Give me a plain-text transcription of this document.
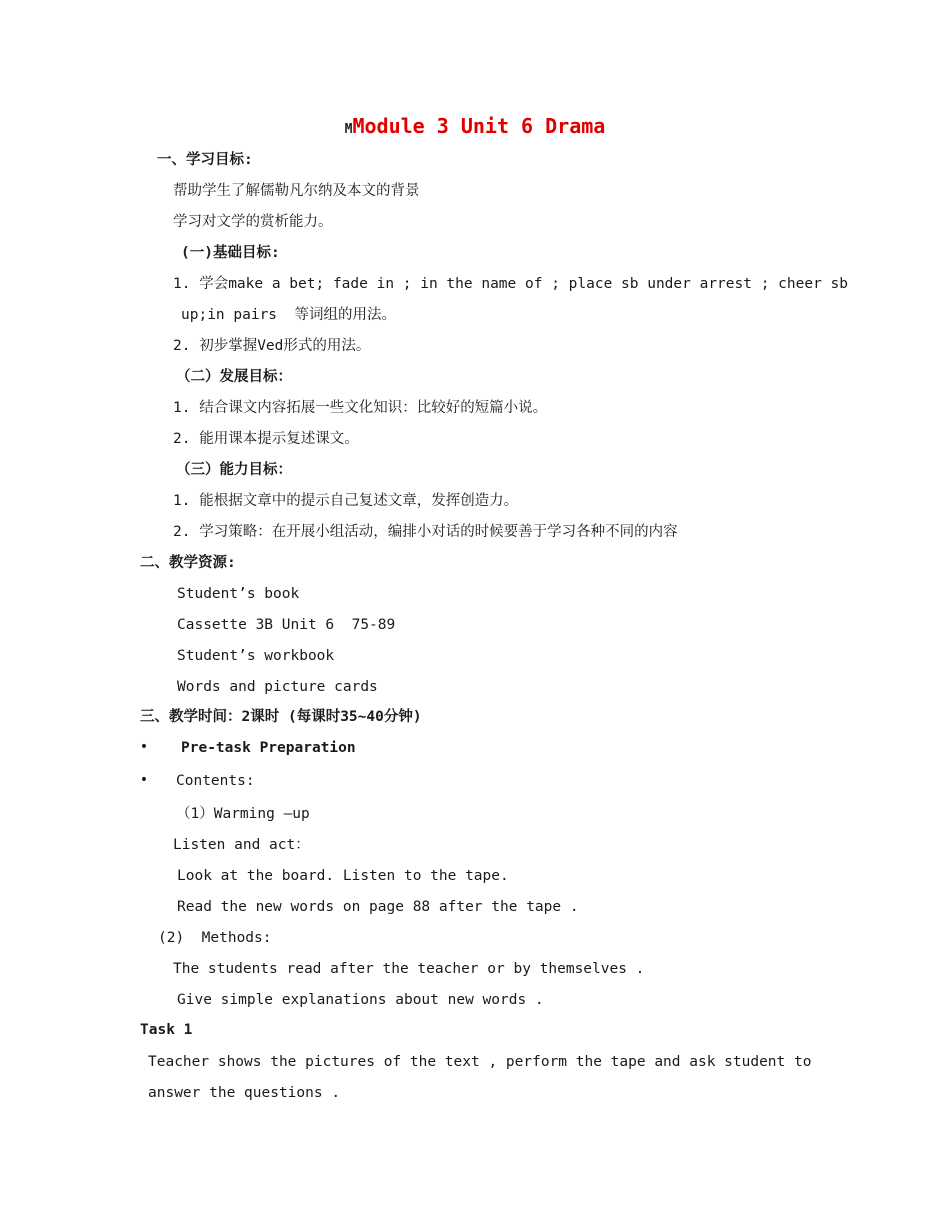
MModule 3 Unit 6 Drama
一、学习目标:
帮助学生了解儒勒凡尔纳及本文的背景
学习对文学的赏析能力。
(一)基础目标:
1. 学会make a bet; fade in ; in the name of ; place sb under arrest ; cheer sb
up;in pairs  等词组的用法。
2. 初步掌握Ved形式的用法。
（二）发展目标：
1. 结合课文内容拓展一些文化知识：比较好的短篇小说。
2. 能用课本提示复述课文。
（三）能力目标：
1. 能根据文章中的提示自己复述文章，发挥创造力。
2. 学习策略：在开展小组活动，编排小对话的时候要善于学习各种不同的内容
二、教学资源:
Student’s book
Cassette 3B Unit 6  75-89
Student’s workbook
Words and picture cards
三、教学时间：2课时 (每课时35~40分钟)
• Pre-task Preparation
• Contents:
（1）Warming –up
Listen and act：
Look at the board. Listen to the tape.
Read the new words on page 88 after the tape .
(2)  Methods:
The students read after the teacher or by themselves .
Give simple explanations about new words .
Task 1
Teacher shows the pictures of the text , perform the tape and ask student to
answer the questions .
